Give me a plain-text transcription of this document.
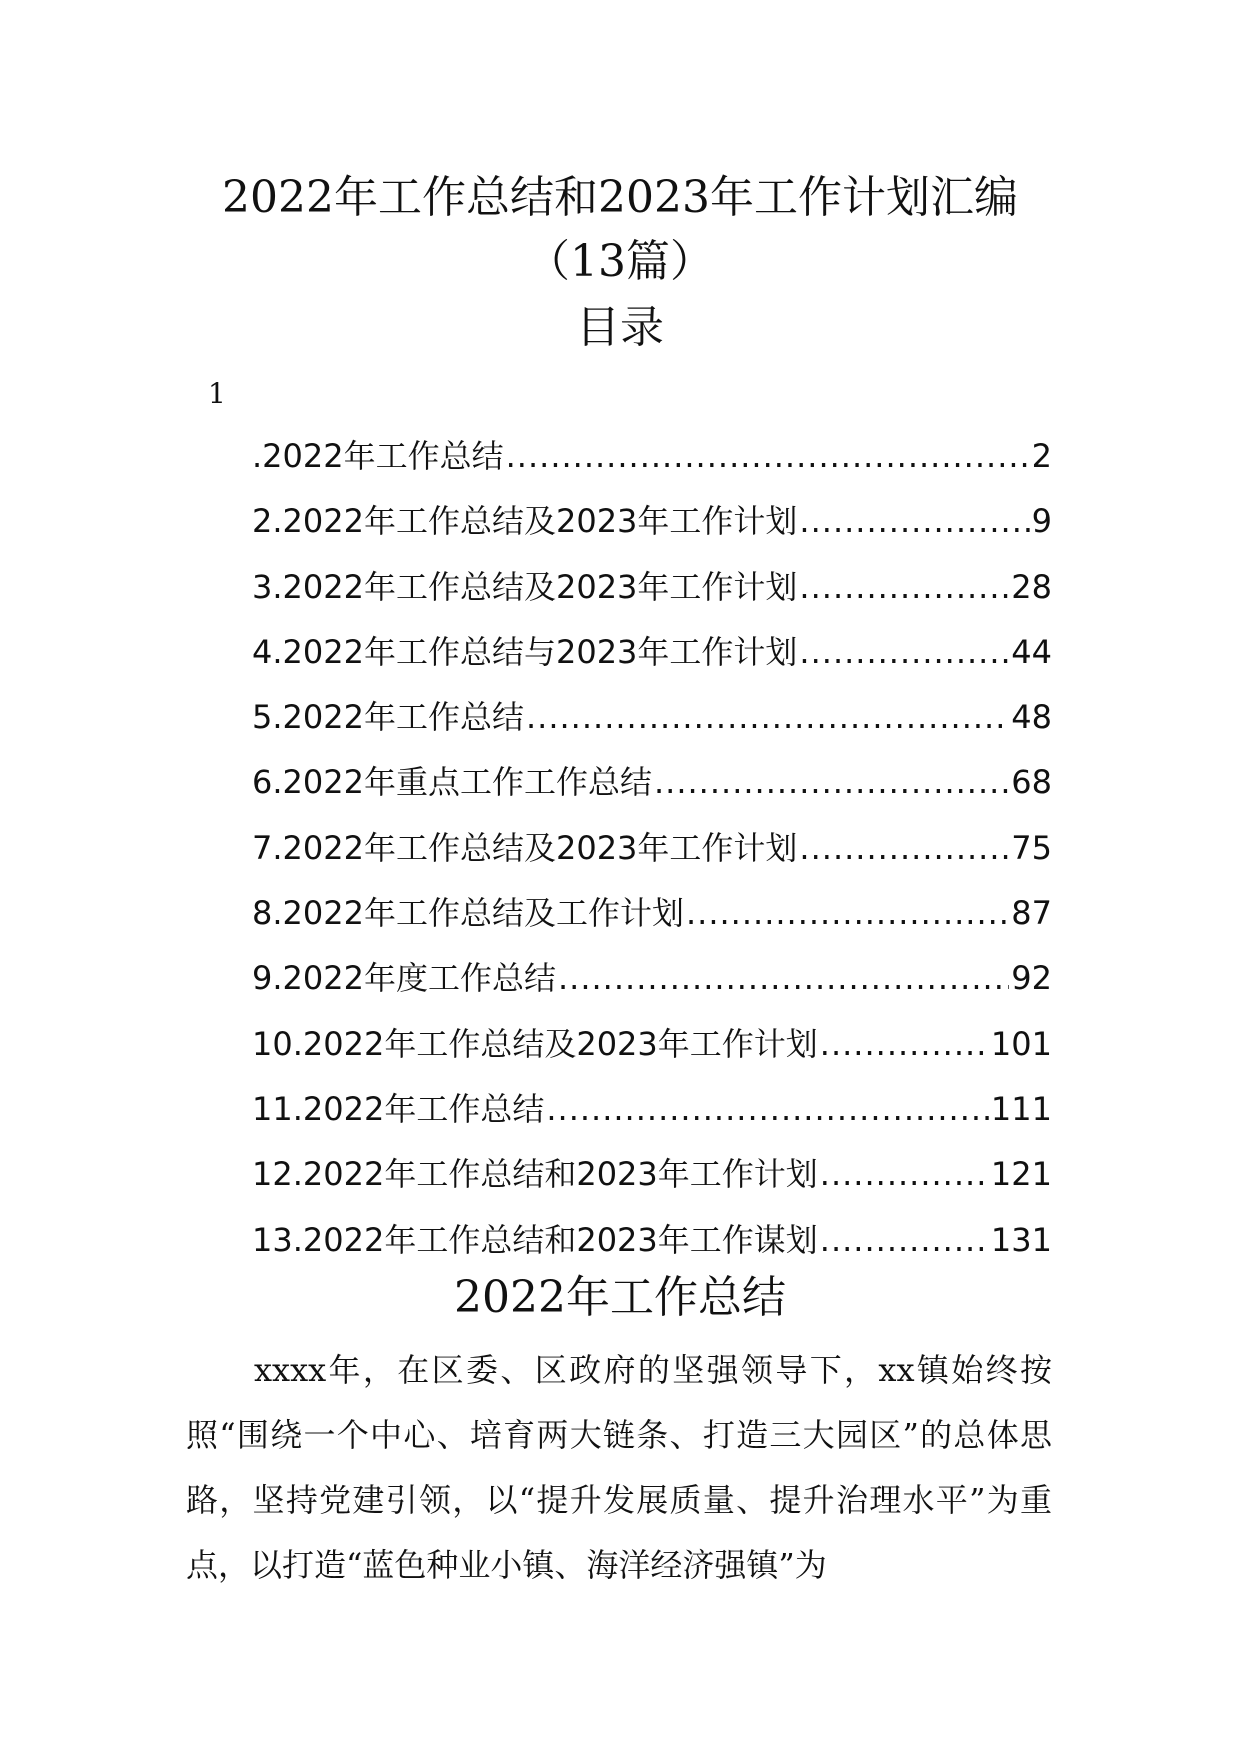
2022年工作总结和2023年工作计划汇编
（13篇）
目录
1
.2022年工作总结 .....	2
2.2022年工作总结及2023年工作计划 .....	9
3.2022年工作总结及2023年工作计划 .....	28
4.2022年工作总结与2023年工作计划 .....	44
5.2022年工作总结 .....	48
6.2022年重点工作工作总结 .....	68
7.2022年工作总结及2023年工作计划 .....	75
8.2022年工作总结及工作计划 .....	87
9.2022年度工作总结 .....	92
10.2022年工作总结及2023年工作计划 .....	101
11.2022年工作总结 .....	111
12.2022年工作总结和2023年工作计划 .....	121
13.2022年工作总结和2023年工作谋划 .....	131
2022年工作总结

xxxx年，在区委、区政府的坚强领导下，xx镇始终按照“围绕一个中心、培育两大链条、打造三大园区”的总体思路，坚持党建引领，以“提升发展质量、提升治理水平”为重点，以打造“蓝色种业小镇、海洋经济强镇”为
